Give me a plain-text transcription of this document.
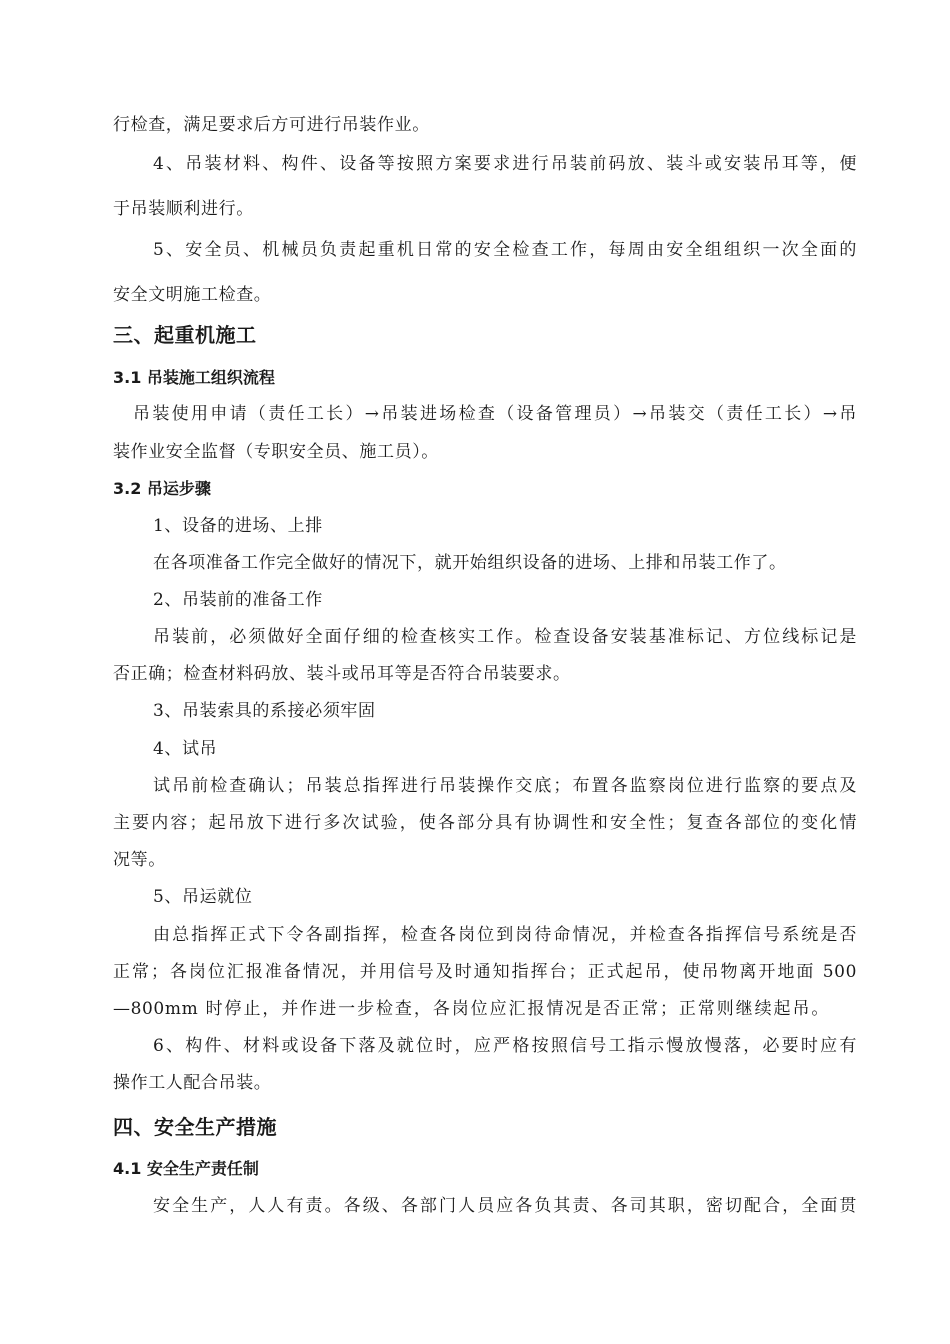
行检查，满足要求后方可进行吊装作业。
4、吊装材料、构件、设备等按照方案要求进行吊装前码放、装斗或安装吊耳等，便
于吊装顺利进行。
5、安全员、机械员负责起重机日常的安全检查工作，每周由安全组组织一次全面的
安全文明施工检查。
三、起重机施工
3.1 吊装施工组织流程
吊装使用申请（责任工长）→吊装进场检查（设备管理员）→吊装交（责任工长）→吊
装作业安全监督（专职安全员、施工员）。
3.2 吊运步骤
1、设备的进场、上排
在各项准备工作完全做好的情况下，就开始组织设备的进场、上排和吊装工作了。
2、吊装前的准备工作
吊装前，必须做好全面仔细的检查核实工作。检查设备安装基准标记、方位线标记是
否正确；检查材料码放、装斗或吊耳等是否符合吊装要求。
3、吊装索具的系接必须牢固
4、试吊
试吊前检查确认；吊装总指挥进行吊装操作交底；布置各监察岗位进行监察的要点及
主要内容；起吊放下进行多次试验，使各部分具有协调性和安全性；复查各部位的变化情
况等。
5、吊运就位
由总指挥正式下令各副指挥，检查各岗位到岗待命情况，并检查各指挥信号系统是否
正常；各岗位汇报准备情况，并用信号及时通知指挥台；正式起吊，使吊物离开地面 500
—800mm 时停止，并作进一步检查，各岗位应汇报情况是否正常；正常则继续起吊。
6、构件、材料或设备下落及就位时，应严格按照信号工指示慢放慢落，必要时应有
操作工人配合吊装。
四、安全生产措施
4.1 安全生产责任制
安全生产，人人有责。各级、各部门人员应各负其责、各司其职，密切配合，全面贯
